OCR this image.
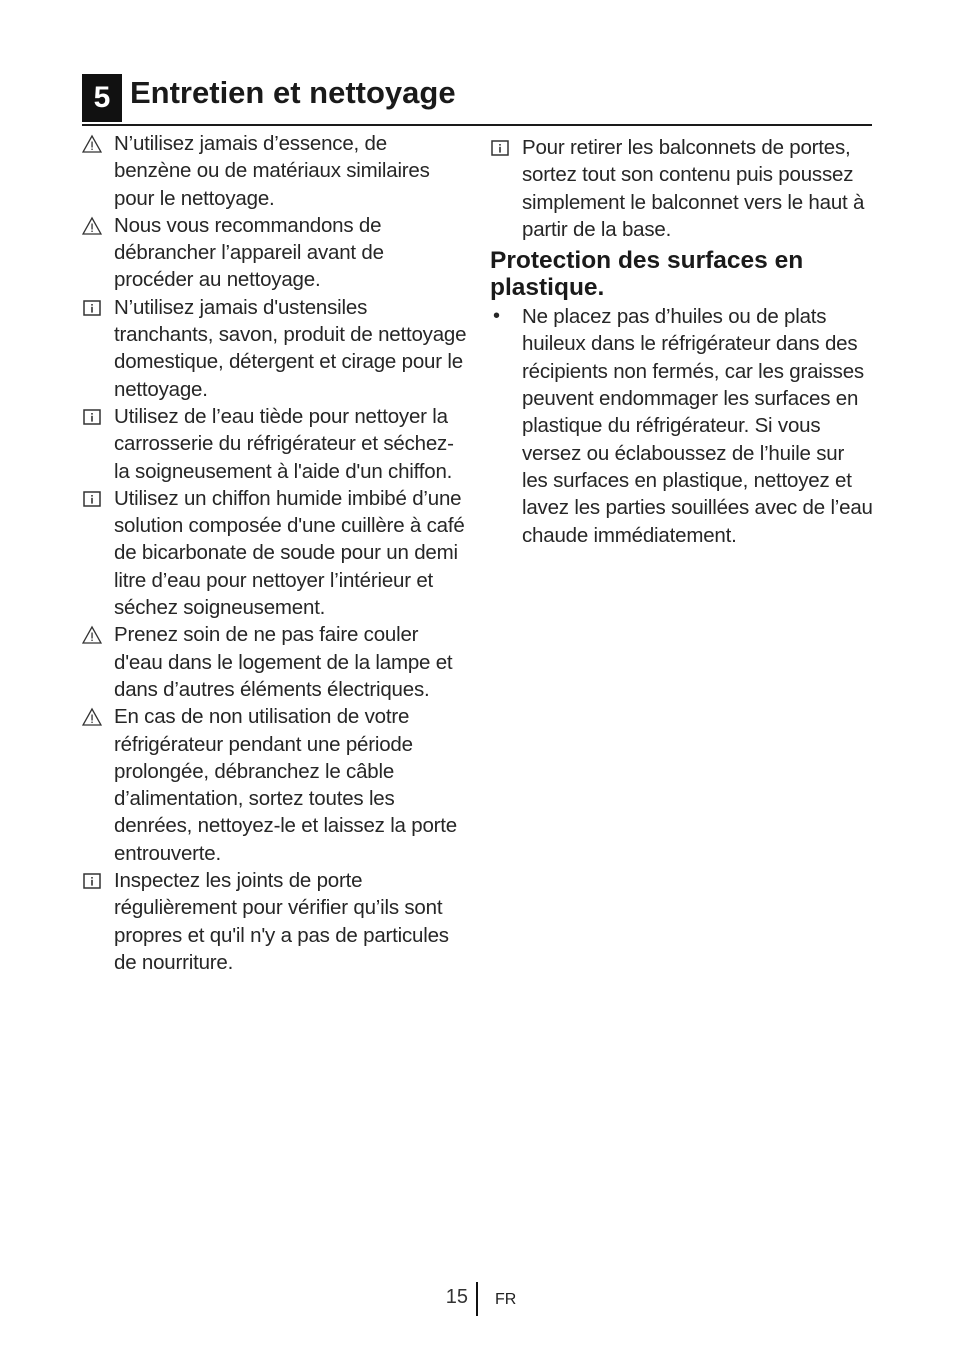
5 Entretien et nettoyage
N’utilisez jamais d’essence, de benzène ou de matériaux similaires pour le nettoyage.
Nous vous recommandons de débrancher l’appareil avant de procéder au nettoyage.
N’utilisez jamais d'ustensiles tranchants, savon, produit de nettoyage domestique, détergent et cirage pour le nettoyage.
Utilisez de l’eau tiède pour nettoyer la carrosserie du réfrigérateur et séchez-la soigneusement à l'aide d'un chiffon.
Utilisez un chiffon humide imbibé d’une solution composée d'une cuillère à café de bicarbonate de soude pour un demi litre d’eau pour nettoyer l’intérieur et séchez soigneusement.
Prenez soin de ne pas faire couler d'eau dans le logement de la lampe et dans d’autres éléments électriques.
En cas de non utilisation de votre réfrigérateur pendant une période prolongée, débranchez le câble d’alimentation, sortez toutes les denrées, nettoyez-le et laissez la porte entrouverte.
Inspectez les joints de porte régulièrement pour vérifier qu’ils sont propres et qu'il n'y a pas de particules de nourriture.
Pour retirer les balconnets de portes, sortez tout son contenu puis poussez simplement le balconnet vers le haut à partir de la base.
Protection des surfaces en plastique.
• Ne placez pas d’huiles ou de plats huileux dans le réfrigérateur dans des récipients non fermés, car les graisses peuvent endommager les surfaces en plastique du réfrigérateur. Si vous versez ou éclaboussez de l’huile sur les surfaces en plastique, nettoyez et lavez les parties souillées avec de l’eau chaude immédiatement.
15 FR
